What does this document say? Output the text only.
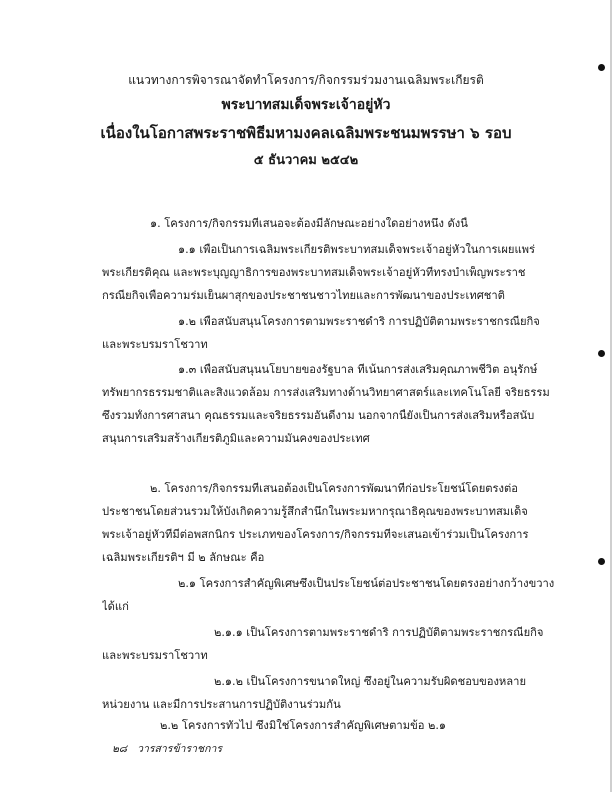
แนวทางการพิจารณาจัดทำโครงการ/กิจกรรมร่วมงานเฉลิมพระเกียรติ
พระบาทสมเด็จพระเจ้าอยู่หัว
เนื่องในโอกาสพระราชพิธีมหามงคลเฉลิมพระชนมพรรษา ๖ รอบ
๕ ธันวาคม ๒๕๔๒
๑. โครงการ/กิจกรรมที่เสนอจะต้องมีลักษณะอย่างใดอย่างหนึ่ง ดังนี้
๑.๑ เพื่อเป็นการเฉลิมพระเกียรติพระบาทสมเด็จพระเจ้าอยู่หัวในการเผยแพร่
พระเกียรติคุณ และพระบุญญาธิการของพระบาทสมเด็จพระเจ้าอยู่หัวที่ทรงบำเพ็ญพระราช
กรณียกิจเพื่อความร่มเย็นผาสุกของประชาชนชาวไทยและการพัฒนาของประเทศชาติ
๑.๒ เพื่อสนับสนุนโครงการตามพระราชดำริ การปฏิบัติตามพระราชกรณียกิจ
และพระบรมราโชวาท
๑.๓ เพื่อสนับสนุนนโยบายของรัฐบาล ที่เน้นการส่งเสริมคุณภาพชีวิต อนุรักษ์
ทรัพยากรธรรมชาติและสิ่งแวดล้อม การส่งเสริมทางด้านวิทยาศาสตร์และเทคโนโลยี จริยธรรม
ซึ่งรวมทั้งการศาสนา คุณธรรมและจริยธรรมอันดีงาม นอกจากนี้ยังเป็นการส่งเสริมหรือสนับ
สนุนการเสริมสร้างเกียรติภูมิและความมั่นคงของประเทศ
๒. โครงการ/กิจกรรมที่เสนอต้องเป็นโครงการพัฒนาที่ก่อประโยชน์โดยตรงต่อ
ประชาชนโดยส่วนรวมให้บังเกิดความรู้สึกสำนึกในพระมหากรุณาธิคุณของพระบาทสมเด็จ
พระเจ้าอยู่หัวที่มีต่อพสกนิกร ประเภทของโครงการ/กิจกรรมที่จะเสนอเข้าร่วมเป็นโครงการ
เฉลิมพระเกียรติฯ มี ๒ ลักษณะ คือ
๒.๑ โครงการสำคัญพิเศษซึ่งเป็นประโยชน์ต่อประชาชนโดยตรงอย่างกว้างขวาง
ได้แก่
๒.๑.๑ เป็นโครงการตามพระราชดำริ การปฏิบัติตามพระราชกรณียกิจ
และพระบรมราโชวาท
๒.๑.๒ เป็นโครงการขนาดใหญ่ ซึ่งอยู่ในความรับผิดชอบของหลาย
หน่วยงาน และมีการประสานการปฏิบัติงานร่วมกัน
๒.๒ โครงการทั่วไป ซึ่งมิใช่โครงการสำคัญพิเศษตามข้อ ๒.๑
๒๘ วารสารข้าราชการ
